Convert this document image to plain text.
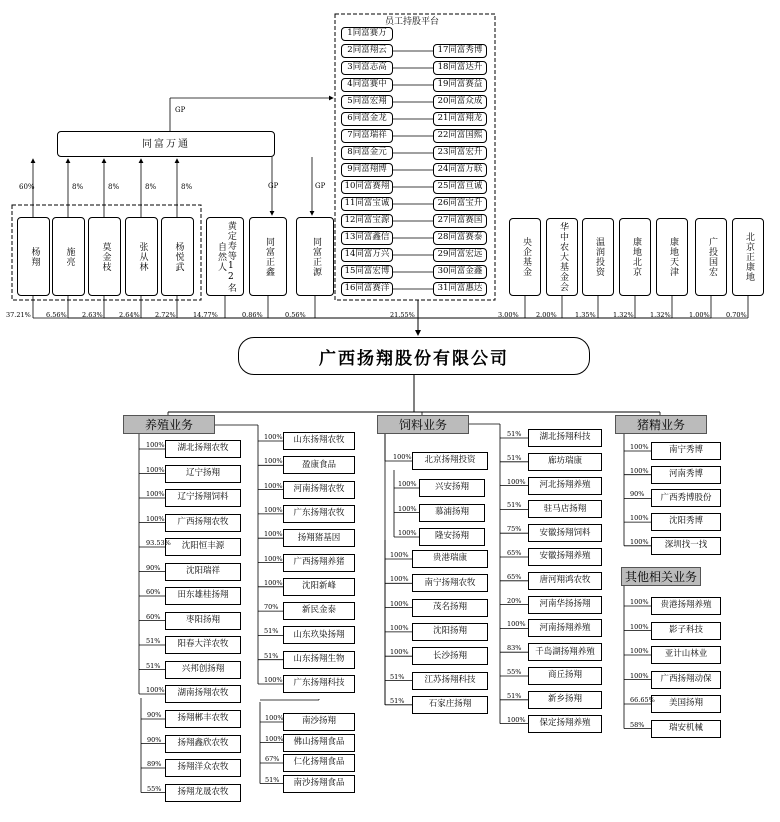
员工持股平台
同富万通
GP
广西扬翔股份有限公司
养殖业务	饲料业务	猪精业务
其他相关业务
1同富赛万
2同富翔云
3同富志高
4同富赛中
5同富宏翔
6同富金龙
7同富瑞祥
8同富金元
9同富翔博
10同富赛翔
11同富宝诚
12同富宝源
13同富鑫信
14同富万兴
15同富宏博
16同富赛洋
17同富秀博
18同富达升
19同富赛益
20同富众成
21同富翔龙
22同富国熙
23同富宏升
24同富万联
25同富亘诚
26同富宝升
27同富赛国
28同富赛泰
29同富宏远
30同富金鑫
31同富惠达
杨翔
60%
37.21%
施亮
8%
6.56%
莫金枝
8%
2.63%
张从林
8%
2.64%
杨悦武
8%
2.72%
黄定寿等12名自然人
14.77%
同富正鑫
0.86%
GP
同富正源
0.56%
GP
央企基金
3.00%
华中农大基金会
2.00%
温润投资
1.35%
康地北京
1.32%
康地天津
1.32%
广投国宏
1.00%
北京正康地
0.70%
21.55%
湖北扬翔农牧
100%
辽宁扬翔
100%
辽宁扬翔饲料
100%
广西扬翔农牧
100%
沈阳恒丰源
93.53%
沈阳瑞祥
90%
田东雄桂扬翔
60%
枣阳扬翔
60%
阳春大洋农牧
51%
兴邦创扬翔
51%
湖南扬翔农牧
100%
扬翔郴丰农牧
90%
扬翔鑫欣农牧
90%
扬翔洋众农牧
89%
扬翔龙晟农牧
55%
山东扬翔农牧
100%
盈康食品
100%
河南扬翔农牧
100%
广东扬翔农牧
100%
扬翔猪基因
100%
广西扬翔养猪
100%
沈阳新峰
100%
新民金泰
70%
山东玖染扬翔
51%
山东扬翔生物
51%
广东扬翔科技
100%
南沙扬翔
100%
佛山扬翔食品
100%
仁化扬翔食品
67%
南沙扬翔食品
51%
北京扬翔投资
100%
兴安扬翔
100%
慕浦扬翔
100%
隆安扬翔
100%
贵港瑞康
100%
南宁扬翔农牧
100%
茂名扬翔
100%
沈阳扬翔
100%
长沙扬翔
100%
江苏扬翔科技
51%
石家庄扬翔
51%
湖北扬翔科技
51%
廊坊瑞康
51%
河北扬翔养殖
100%
驻马店扬翔
51%
安徽扬翔饲料
75%
安徽扬翔养殖
65%
唐河翔鸿农牧
65%
河南华扬扬翔
20%
河南扬翔养殖
100%
千岛湖扬翔养殖
83%
商丘扬翔
55%
新乡扬翔
51%
保定扬翔养殖
100%
南宁秀博
100%
河南秀博
100%
广西秀博股份
90%
沈阳秀博
100%
深圳找一找
100%
贵港扬翔养殖
100%
影子科技
100%
亚计山林业
100%
广西扬翔动保
100%
美国扬翔
66.65%
瑞安机械
58%
